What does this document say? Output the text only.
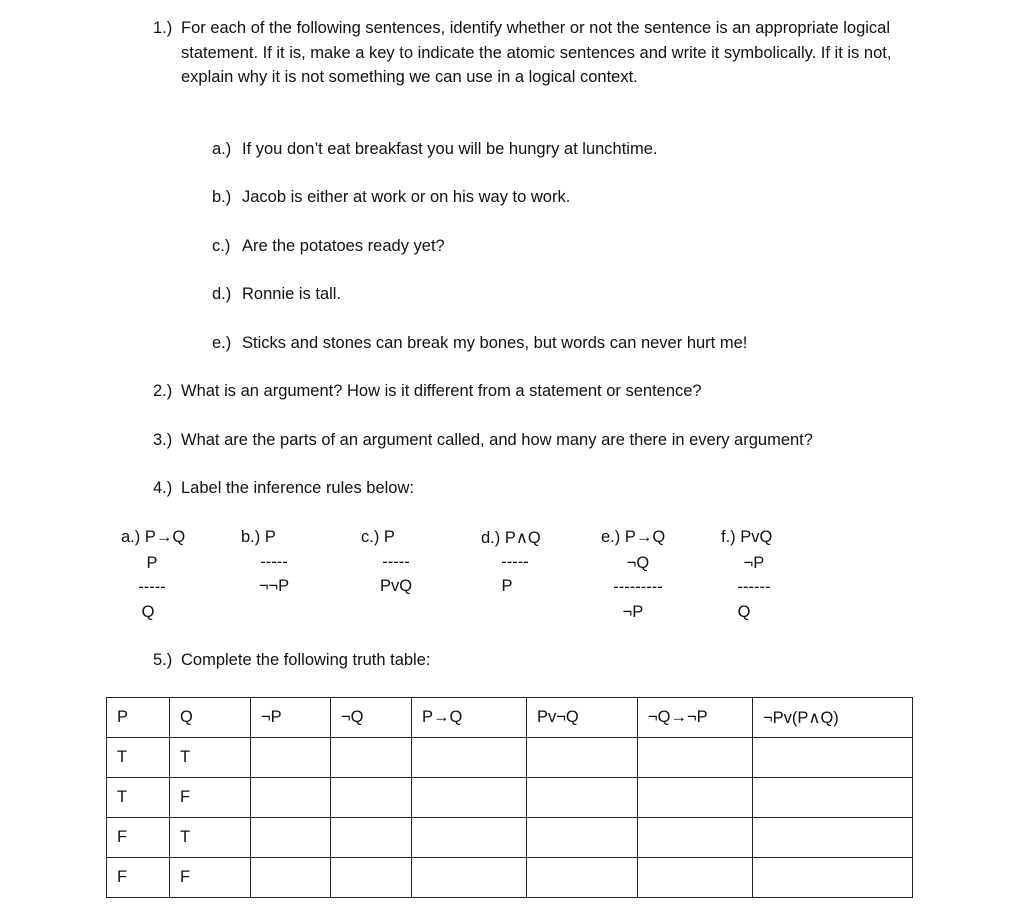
1.) For each of the following sentences, identify whether or not the sentence is an appropriate logical statement. If it is, make a key to indicate the atomic sentences and write it symbolically. If it is not, explain why it is not something we can use in a logical context.
a.) If you don’t eat breakfast you will be hungry at lunchtime.
b.) Jacob is either at work or on his way to work.
c.) Are the potatoes ready yet?
d.) Ronnie is tall.
e.) Sticks and stones can break my bones, but words can never hurt me!
2.) What is an argument? How is it different from a statement or sentence?
3.) What are the parts of an argument called, and how many are there in every argument?
4.) Label the inference rules below:
a.) P→Q
P
-----
Q
b.) P
-----
¬¬P
c.) P
-----
PvQ
d.) P∧Q
-----
P
e.) P→Q
¬Q
---------
¬P
f.) PvQ
¬P
------
Q
5.) Complete the following truth table:
P	Q	¬P	¬Q	P→Q	Pv¬Q	¬Q→¬P	¬Pv(P∧Q)
T	T						
T	F						
F	T						
F	F						
